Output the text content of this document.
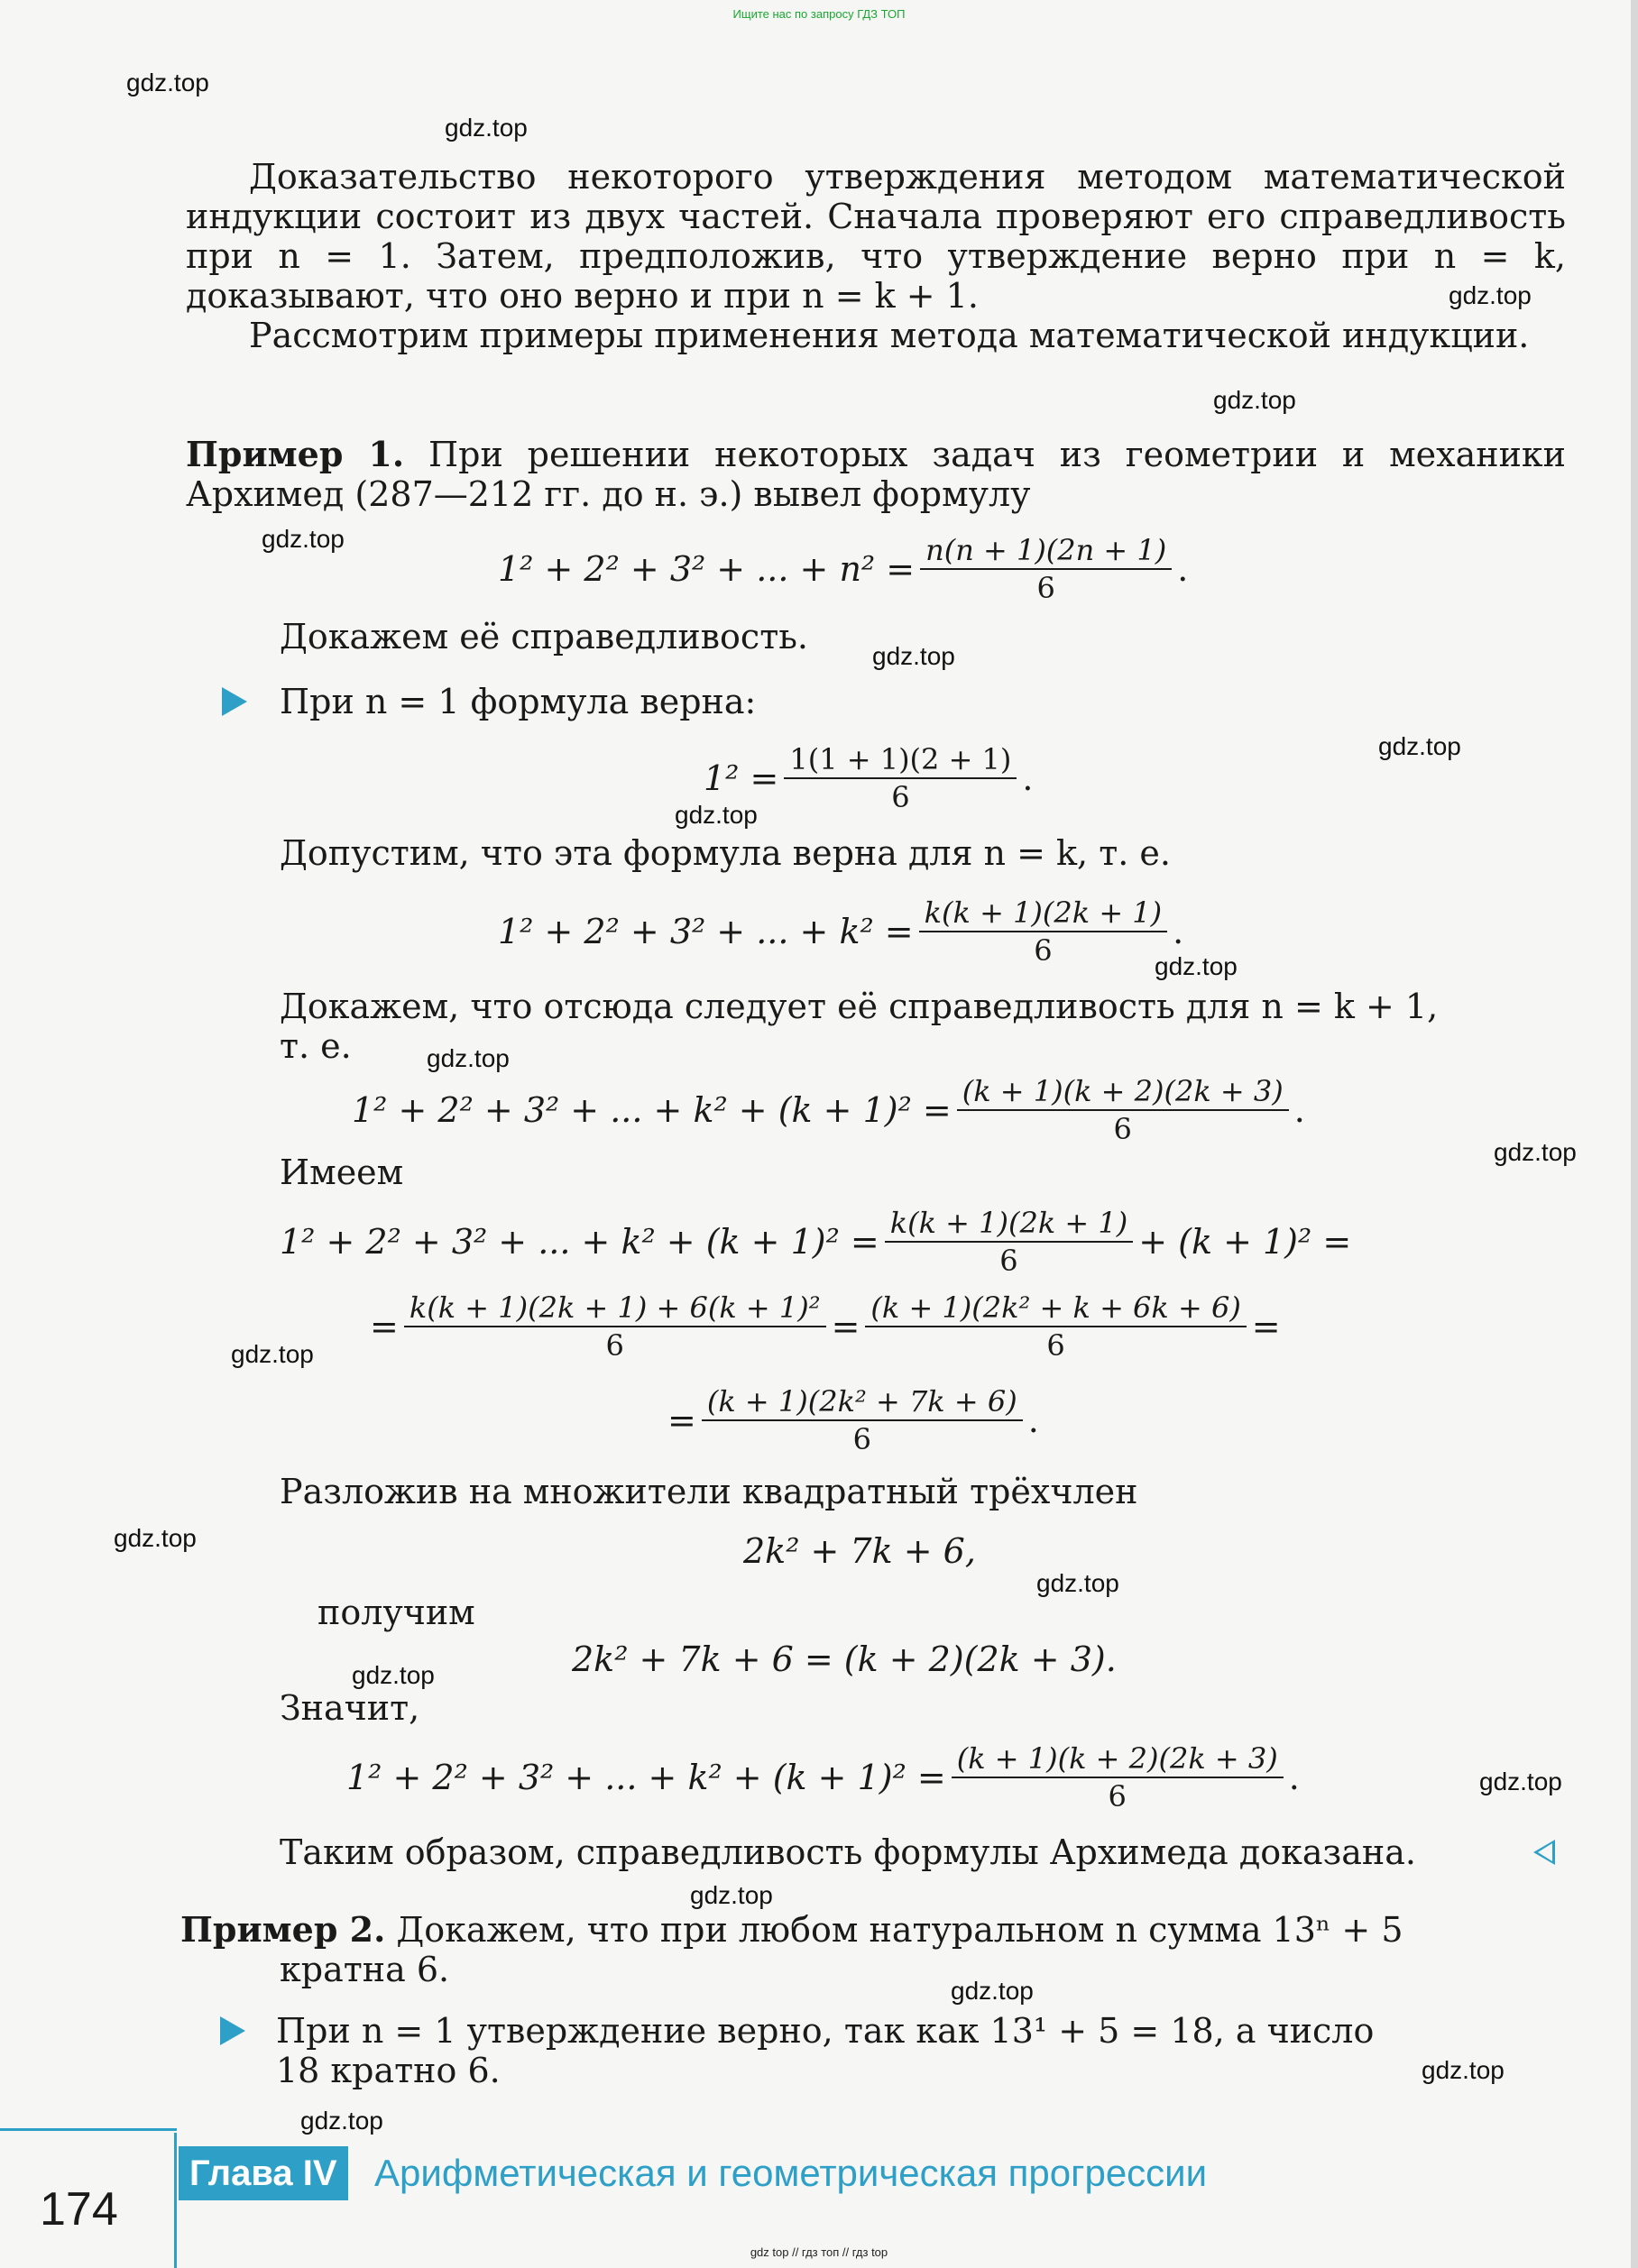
Ищите нас по запросу ГДЗ ТОП
gdz.top
gdz.top
gdz.top
gdz.top
gdz.top
gdz.top
gdz.top
gdz.top
gdz.top
gdz.top
gdz.top
gdz.top
gdz.top
gdz.top
gdz.top
gdz.top
gdz.top
gdz.top
gdz.top
gdz.top
Доказательство некоторого утверждения методом математической индукции состоит из двух частей. Сначала проверяют его справедливость при n = 1. Затем, предположив, что утверждение верно при n = k, доказывают, что оно верно и при n = k + 1.
Рассмотрим примеры применения метода математической индукции.
Пример 1. При решении некоторых задач из геометрии и механики Архимед (287—212 гг. до н. э.) вывел формулу
1² + 2² + 3² + ... + $n^2 = \frac{n(n + 1)(2n + 1)}{6}$ .
Докажем её справедливость.
При n = 1 формула верна:
$1^2 = \frac{1(1 + 1)(2 + 1)}{6}$ .
Допустим, что эта формула верна для n = k, т. е.
1² + 2² + 3² + ... + $k^2 = \frac{k(k + 1)(2k + 1)}{6}$ .
Докажем, что отсюда следует её справедливость для n = k + 1,
т. е.
1² + 2² + 3² + ... + $k^2 + (k + 1)^2 = \frac{(k + 1)(k + 2)(2k + 3)}{6}$ .
Имеем
1² + 2² + 3² + ... + $k^2 + (k + 1)^2 = \frac{k(k + 1)(2k + 1)}{6} + (k + 1)^2$ =
= $\frac{\text{k(k + 1)(2k + 1) + 6(k + 1)²}}{6} = \frac{\text{(k + 1)(2k² + k + 6k + 6)}}{6}$ =
= $\frac{\text{(k + 1)(2k² + 7k + 6)}}{6}$ .
Разложив на множители квадратный трёхчлен
2k² + 7k + 6,
получим
2k² + 7k + 6 = (k + 2)(2k + 3).
Значит,
1² + 2² + 3² + ... + $k^2 + (k + 1)^2 = \frac{(k + 1)(k + 2)(2k + 3)}{6}$ .
Таким образом, справедливость формулы Архимеда доказана.
Пример 2. Докажем, что при любом натуральном n сумма 13ⁿ + 5
кратна 6.
При n = 1 утверждение верно, так как 13¹ + 5 = 18, а число
18 кратно 6.
Глава IV Арифметическая и геометрическая прогрессии
174
gdz top // гдз топ // гдз top
